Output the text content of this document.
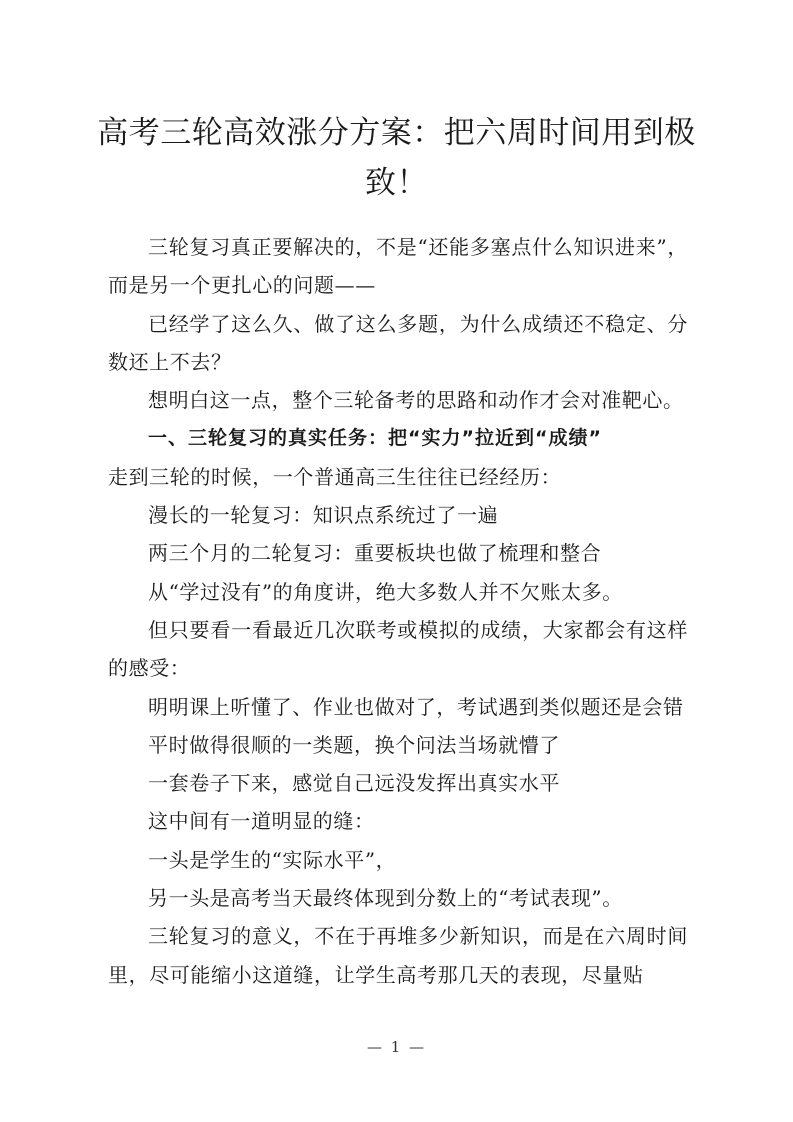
高考三轮高效涨分方案：把六周时间用到极致！

三轮复习真正要解决的，不是“还能多塞点什么知识进来”，而是另一个更扎心的问题——

已经学了这么久、做了这么多题，为什么成绩还不稳定、分数还上不去？

想明白这一点，整个三轮备考的思路和动作才会对准靶心。

一、三轮复习的真实任务：把“实力”拉近到“成绩”

走到三轮的时候，一个普通高三生往往已经经历：

漫长的一轮复习：知识点系统过了一遍

两三个月的二轮复习：重要板块也做了梳理和整合

从“学过没有”的角度讲，绝大多数人并不欠账太多。

但只要看一看最近几次联考或模拟的成绩，大家都会有这样的感受：

明明课上听懂了、作业也做对了，考试遇到类似题还是会错

平时做得很顺的一类题，换个问法当场就懵了

一套卷子下来，感觉自己远没发挥出真实水平

这中间有一道明显的缝：

一头是学生的“实际水平”，

另一头是高考当天最终体现到分数上的“考试表现”。

三轮复习的意义，不在于再堆多少新知识，而是在六周时间里，尽可能缩小这道缝，让学生高考那几天的表现，尽量贴

— 1 —
